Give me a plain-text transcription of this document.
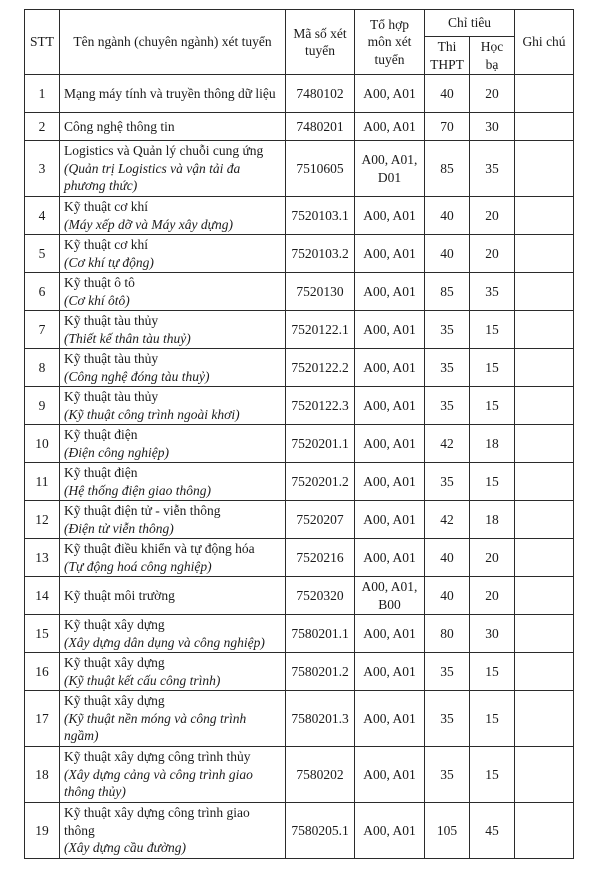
STT	Tên ngành (chuyên ngành) xét tuyển	Mã số xét tuyển	Tổ hợp môn xét tuyển	Chỉ tiêu		Ghi chú
				Thi THPT	Học bạ	
1	Mạng máy tính và truyền thông dữ liệu	7480102	A00, A01	40	20	
2	Công nghệ thông tin	7480201	A00, A01	70	30	
3	Logistics và Quản lý chuỗi cung ứng
(Quản trị Logistics và vận tải đa phương thức)	7510605	A00, A01, D01	85	35	
4	Kỹ thuật cơ khí
(Máy xếp dỡ và Máy xây dựng)	7520103.1	A00, A01	40	20	
5	Kỹ thuật cơ khí
(Cơ khí tự động)	7520103.2	A00, A01	40	20	
6	Kỹ thuật ô tô
(Cơ khí ôtô)	7520130	A00, A01	85	35	
7	Kỹ thuật tàu thủy
(Thiết kế thân tàu thuỷ)	7520122.1	A00, A01	35	15	
8	Kỹ thuật tàu thủy
(Công nghệ đóng tàu thuỷ)	7520122.2	A00, A01	35	15	
9	Kỹ thuật tàu thủy
(Kỹ thuật công trình ngoài khơi)	7520122.3	A00, A01	35	15	
10	Kỹ thuật điện
(Điện công nghiệp)	7520201.1	A00, A01	42	18	
11	Kỹ thuật điện
(Hệ thống điện giao thông)	7520201.2	A00, A01	35	15	
12	Kỹ thuật điện tử - viễn thông
(Điện tử viễn thông)	7520207	A00, A01	42	18	
13	Kỹ thuật điều khiển và tự động hóa
(Tự động hoá công nghiệp)	7520216	A00, A01	40	20	
14	Kỹ thuật môi trường	7520320	A00, A01, B00	40	20	
15	Kỹ thuật xây dựng
(Xây dựng dân dụng và công nghiệp)	7580201.1	A00, A01	80	30	
16	Kỹ thuật xây dựng
(Kỹ thuật kết cấu công trình)	7580201.2	A00, A01	35	15	
17	Kỹ thuật xây dựng
(Kỹ thuật nền móng và công trình ngầm)	7580201.3	A00, A01	35	15	
18	Kỹ thuật xây dựng công trình thủy
(Xây dựng cảng và công trình giao thông thủy)	7580202	A00, A01	35	15	
19	Kỹ thuật xây dựng công trình giao thông
(Xây dựng cầu đường)	7580205.1	A00, A01	105	45	
